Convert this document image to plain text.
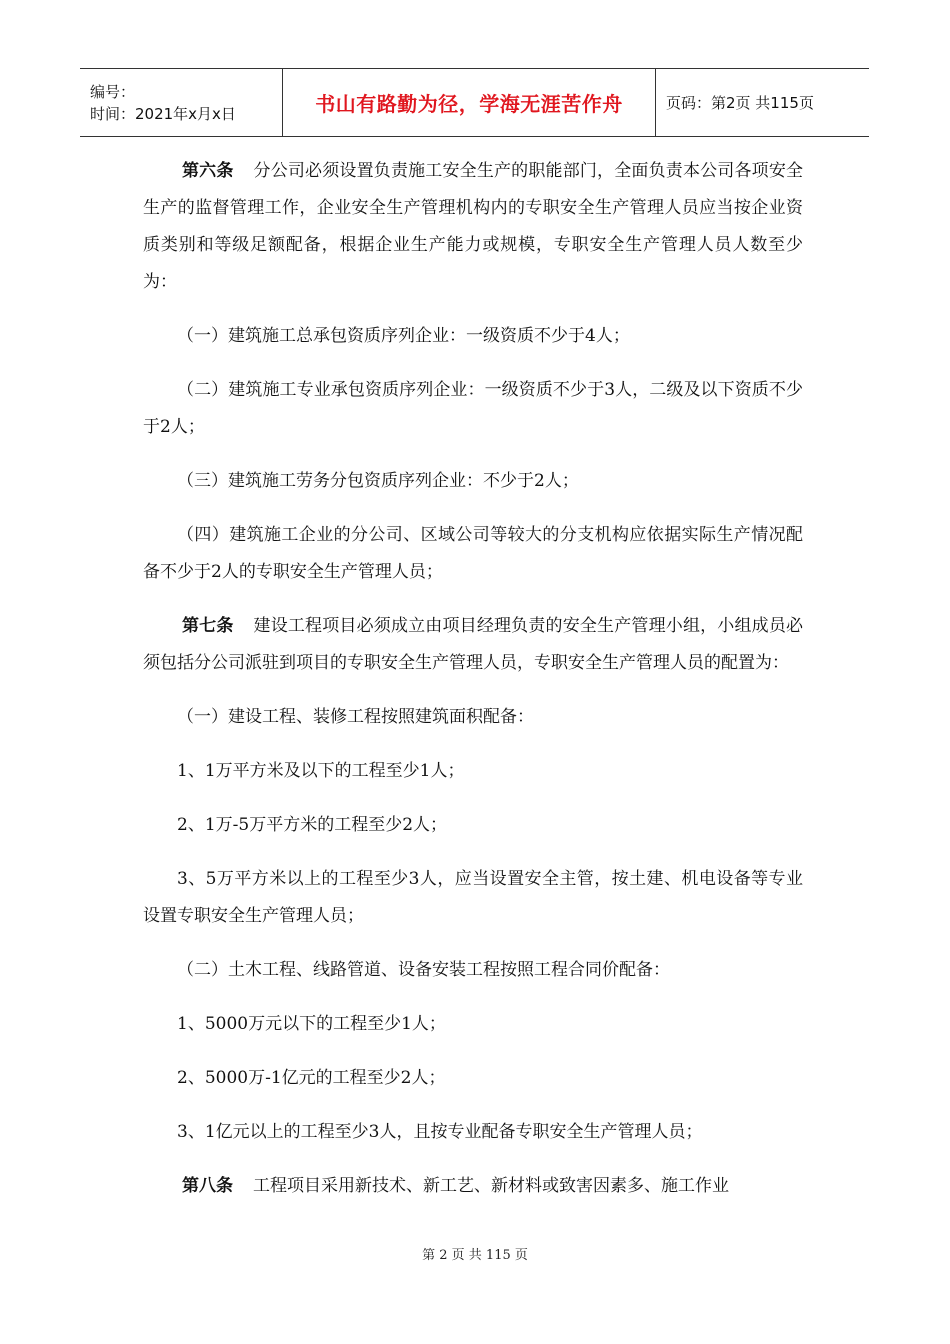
编号：
时间：2021年x月x日	书山有路勤为径，学海无涯苦作舟	页码：第2页 共115页

第六条 分公司必须设置负责施工安全生产的职能部门，全面负责本公司各项安全生产的监督管理工作，企业安全生产管理机构内的专职安全生产管理人员应当按企业资质类别和等级足额配备，根据企业生产能力或规模，专职安全生产管理人员人数至少为：

（一）建筑施工总承包资质序列企业：一级资质不少于4人；

（二）建筑施工专业承包资质序列企业：一级资质不少于3人，二级及以下资质不少于2人；

（三）建筑施工劳务分包资质序列企业：不少于2人；

（四）建筑施工企业的分公司、区域公司等较大的分支机构应依据实际生产情况配备不少于2人的专职安全生产管理人员；

第七条 建设工程项目必须成立由项目经理负责的安全生产管理小组，小组成员必须包括分公司派驻到项目的专职安全生产管理人员，专职安全生产管理人员的配置为：

（一）建设工程、装修工程按照建筑面积配备：

1、1万平方米及以下的工程至少1人；

2、1万-5万平方米的工程至少2人；

3、5万平方米以上的工程至少3人，应当设置安全主管，按土建、机电设备等专业设置专职安全生产管理人员；

（二）土木工程、线路管道、设备安装工程按照工程合同价配备：

1、5000万元以下的工程至少1人；

2、5000万-1亿元的工程至少2人；

3、1亿元以上的工程至少3人，且按专业配备专职安全生产管理人员；

第八条 工程项目采用新技术、新工艺、新材料或致害因素多、施工作业

第 2 页 共 115 页
